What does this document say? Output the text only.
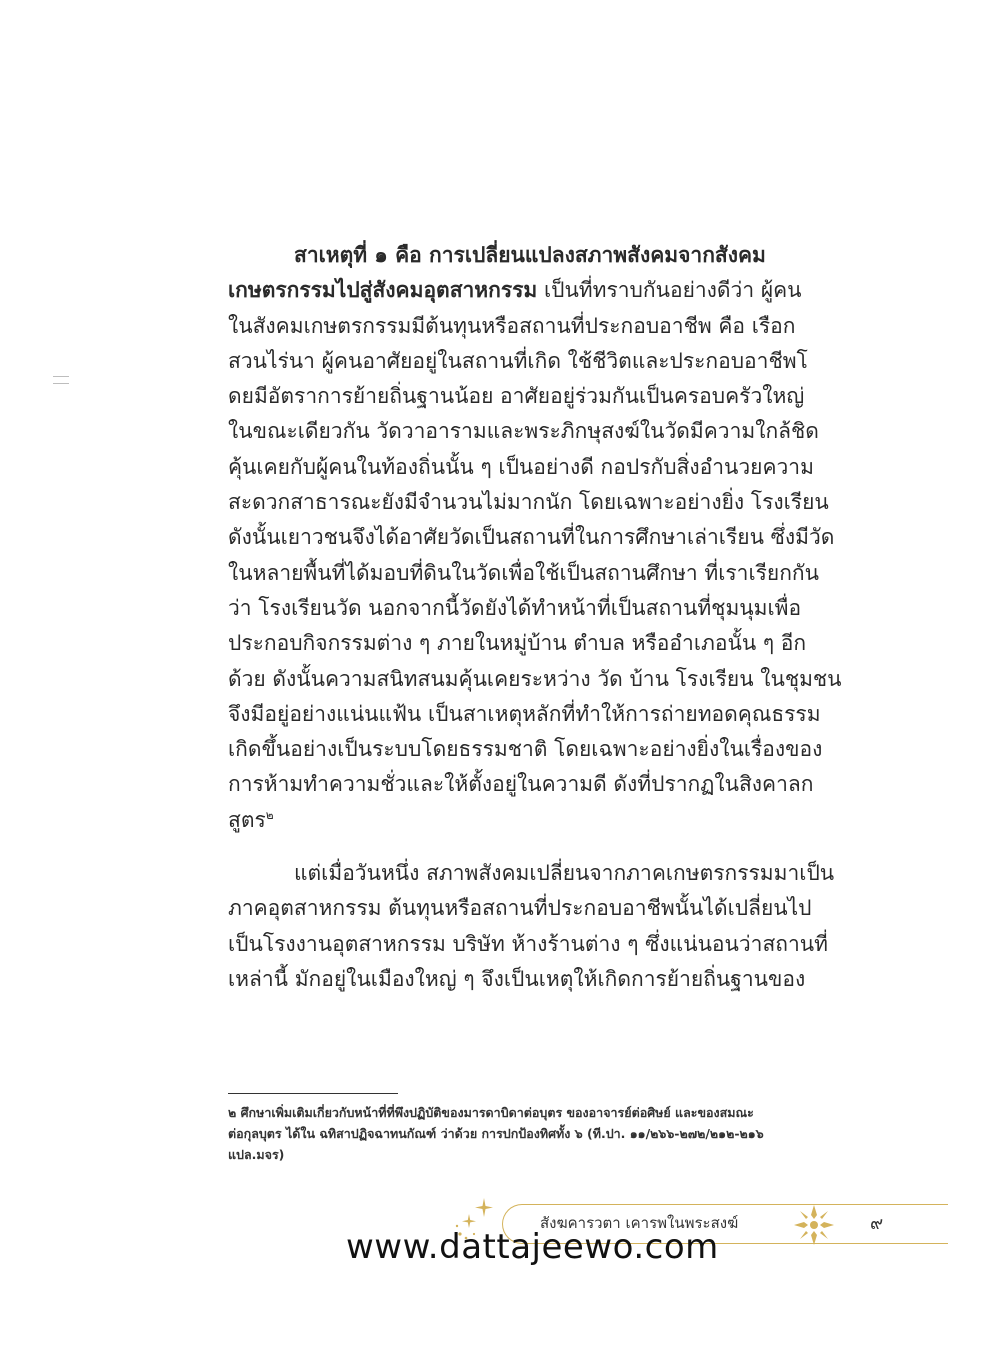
สาเหตุที่ ๑ คือ การเปลี่ยนแปลงสภาพสังคมจากสังคม
เกษตรกรรมไปสู่สังคมอุตสาหกรรม เป็นที่ทราบกันอย่างดีว่า ผู้คน
ในสังคมเกษตรกรรมมีต้นทุนหรือสถานที่ประกอบอาชีพ คือ เรือก
สวนไร่นา ผู้คนอาศัยอยู่ในสถานที่เกิด ใช้ชีวิตและประกอบอาชีพโ
ดยมีอัตราการย้ายถิ่นฐานน้อย อาศัยอยู่ร่วมกันเป็นครอบครัวใหญ่
ในขณะเดียวกัน วัดวาอารามและพระภิกษุสงฆ์ในวัดมีความใกล้ชิด
คุ้นเคยกับผู้คนในท้องถิ่นนั้น ๆ เป็นอย่างดี กอปรกับสิ่งอำนวยความ
สะดวกสาธารณะยังมีจำนวนไม่มากนัก โดยเฉพาะอย่างยิ่ง โรงเรียน
ดังนั้นเยาวชนจึงได้อาศัยวัดเป็นสถานที่ในการศึกษาเล่าเรียน ซึ่งมีวัด
ในหลายพื้นที่ได้มอบที่ดินในวัดเพื่อใช้เป็นสถานศึกษา ที่เราเรียกกัน
ว่า โรงเรียนวัด นอกจากนี้วัดยังได้ทำหน้าที่เป็นสถานที่ชุมนุมเพื่อ
ประกอบกิจกรรมต่าง ๆ ภายในหมู่บ้าน ตำบล หรืออำเภอนั้น ๆ อีก
ด้วย ดังนั้นความสนิทสนมคุ้นเคยระหว่าง วัด บ้าน โรงเรียน ในชุมชน
จึงมีอยู่อย่างแน่นแฟ้น เป็นสาเหตุหลักที่ทำให้การถ่ายทอดคุณธรรม
เกิดขึ้นอย่างเป็นระบบโดยธรรมชาติ โดยเฉพาะอย่างยิ่งในเรื่องของ
การห้ามทำความชั่วและให้ตั้งอยู่ในความดี ดังที่ปรากฏในสิงคาลก
สูตร$^๒$

แต่เมื่อวันหนึ่ง สภาพสังคมเปลี่ยนจากภาคเกษตรกรรมมาเป็น
ภาคอุตสาหกรรม ต้นทุนหรือสถานที่ประกอบอาชีพนั้นได้เปลี่ยนไป
เป็นโรงงานอุตสาหกรรม บริษัท ห้างร้านต่าง ๆ ซึ่งแน่นอนว่าสถานที่
เหล่านี้ มักอยู่ในเมืองใหญ่ ๆ จึงเป็นเหตุให้เกิดการย้ายถิ่นฐานของ

๒ ศึกษาเพิ่มเติมเกี่ยวกับหน้าที่ที่พึงปฏิบัติของมารดาบิดาต่อบุตร ของอาจารย์ต่อศิษย์ และของสมณะ
ต่อกุลบุตร ได้ใน ฉทิสาปฏิจฉาทนกัณฑ์ ว่าด้วย การปกป้องทิศทั้ง ๖ (ที.ปา. ๑๑/๒๖๖-๒๗๒/๒๑๒-๒๑๖
แปล.มจร)
สังฆคารวตา เคารพในพระสงฆ์	๙
www.dattajeewo.com
